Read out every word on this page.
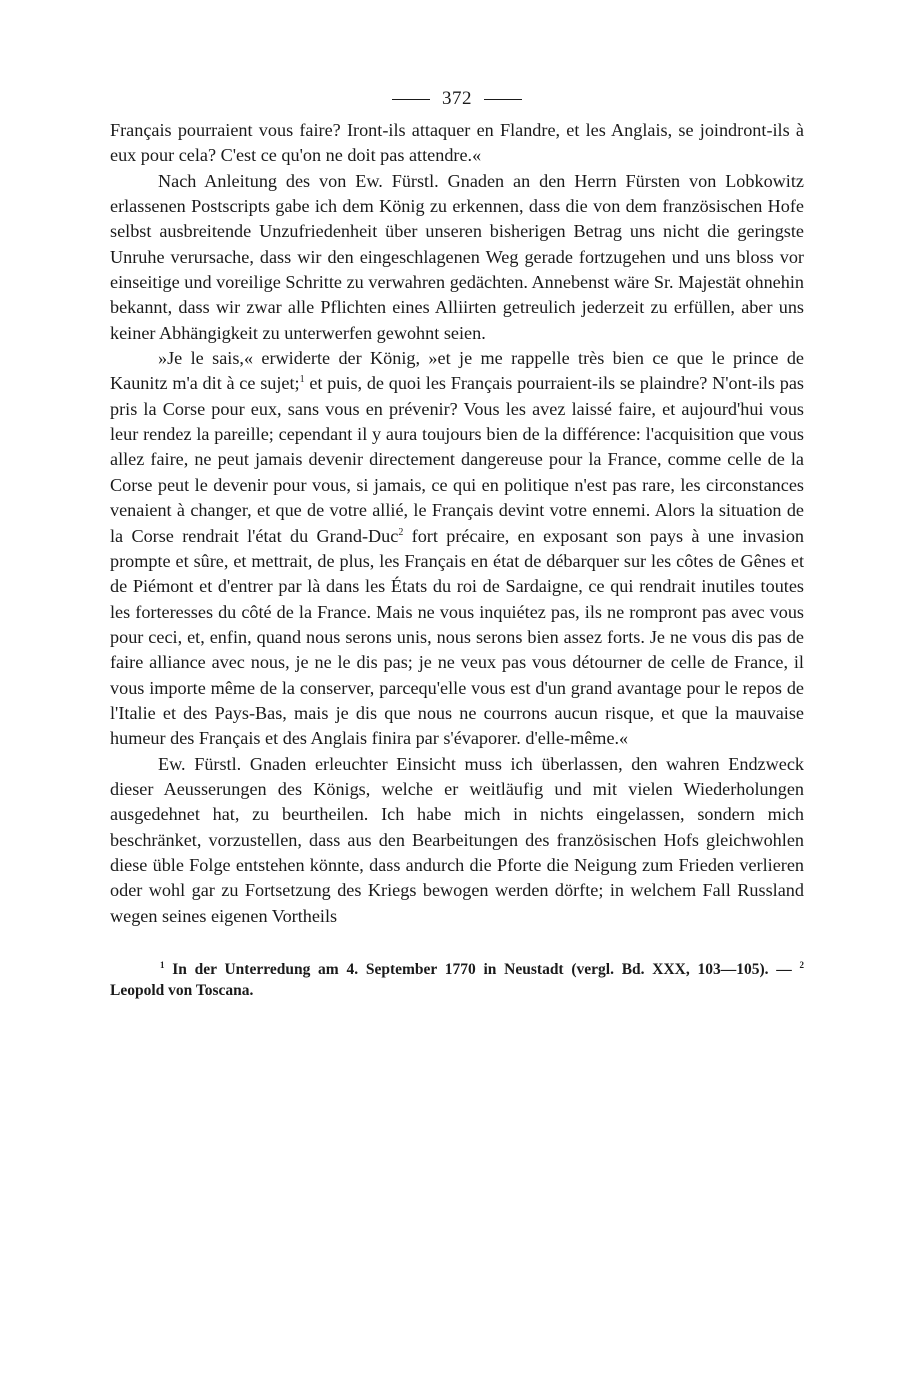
372

Français pourraient vous faire? Iront-ils attaquer en Flandre, et les Anglais, se joindront-ils à eux pour cela? C'est ce qu'on ne doit pas attendre.«

Nach Anleitung des von Ew. Fürstl. Gnaden an den Herrn Fürsten von Lobkowitz erlassenen Postscripts gabe ich dem König zu erkennen, dass die von dem französischen Hofe selbst ausbreitende Unzufriedenheit über unseren bisherigen Betrag uns nicht die geringste Unruhe verursache, dass wir den eingeschlagenen Weg gerade fortzugehen und uns bloss vor einseitige und voreilige Schritte zu verwahren gedächten. Annebenst wäre Sr. Majestät ohnehin bekannt, dass wir zwar alle Pflichten eines Alliirten getreulich jederzeit zu erfüllen, aber uns keiner Abhängigkeit zu unterwerfen gewohnt seien.

»Je le sais,« erwiderte der König, »et je me rappelle très bien ce que le prince de Kaunitz m'a dit à ce sujet;$^1$ et puis, de quoi les Français pourraient-ils se plaindre? N'ont-ils pas pris la Corse pour eux, sans vous en prévenir? Vous les avez laissé faire, et aujourd'hui vous leur rendez la pareille; cependant il y aura toujours bien de la différence: l'acquisition que vous allez faire, ne peut jamais devenir directement dangereuse pour la France, comme celle de la Corse peut le devenir pour vous, si jamais, ce qui en politique n'est pas rare, les circonstances venaient à changer, et que de votre allié, le Français devint votre ennemi. Alors la situation de la Corse rendrait l'état du Grand-Duc$^2$ fort précaire, en exposant son pays à une invasion prompte et sûre, et mettrait, de plus, les Français en état de débarquer sur les côtes de Gênes et de Piémont et d'entrer par là dans les États du roi de Sardaigne, ce qui rendrait inutiles toutes les forteresses du côté de la France. Mais ne vous inquiétez pas, ils ne rompront pas avec vous pour ceci, et, enfin, quand nous serons unis, nous serons bien assez forts. Je ne vous dis pas de faire alliance avec nous, je ne le dis pas; je ne veux pas vous détourner de celle de France, il vous importe même de la conserver, parcequ'elle vous est d'un grand avantage pour le repos de l'Italie et des Pays-Bas, mais je dis que nous ne courrons aucun risque, et que la mauvaise humeur des Français et des Anglais finira par s'évaporer. d'elle-même.«

Ew. Fürstl. Gnaden erleuchter Einsicht muss ich überlassen, den wahren Endzweck dieser Aeusserungen des Königs, welche er weitläufig und mit vielen Wiederholungen ausgedehnet hat, zu beurtheilen. Ich habe mich in nichts eingelassen, sondern mich beschränket, vorzustellen, dass aus den Bearbeitungen des französischen Hofs gleichwohlen diese üble Folge entstehen könnte, dass andurch die Pforte die Neigung zum Frieden verlieren oder wohl gar zu Fortsetzung des Kriegs bewogen werden dörfte; in welchem Fall Russland wegen seines eigenen Vortheils

$^1$ In der Unterredung am 4. September 1770 in Neustadt (vergl. Bd. XXX, 103—105). — $^2$ Leopold von Toscana.
